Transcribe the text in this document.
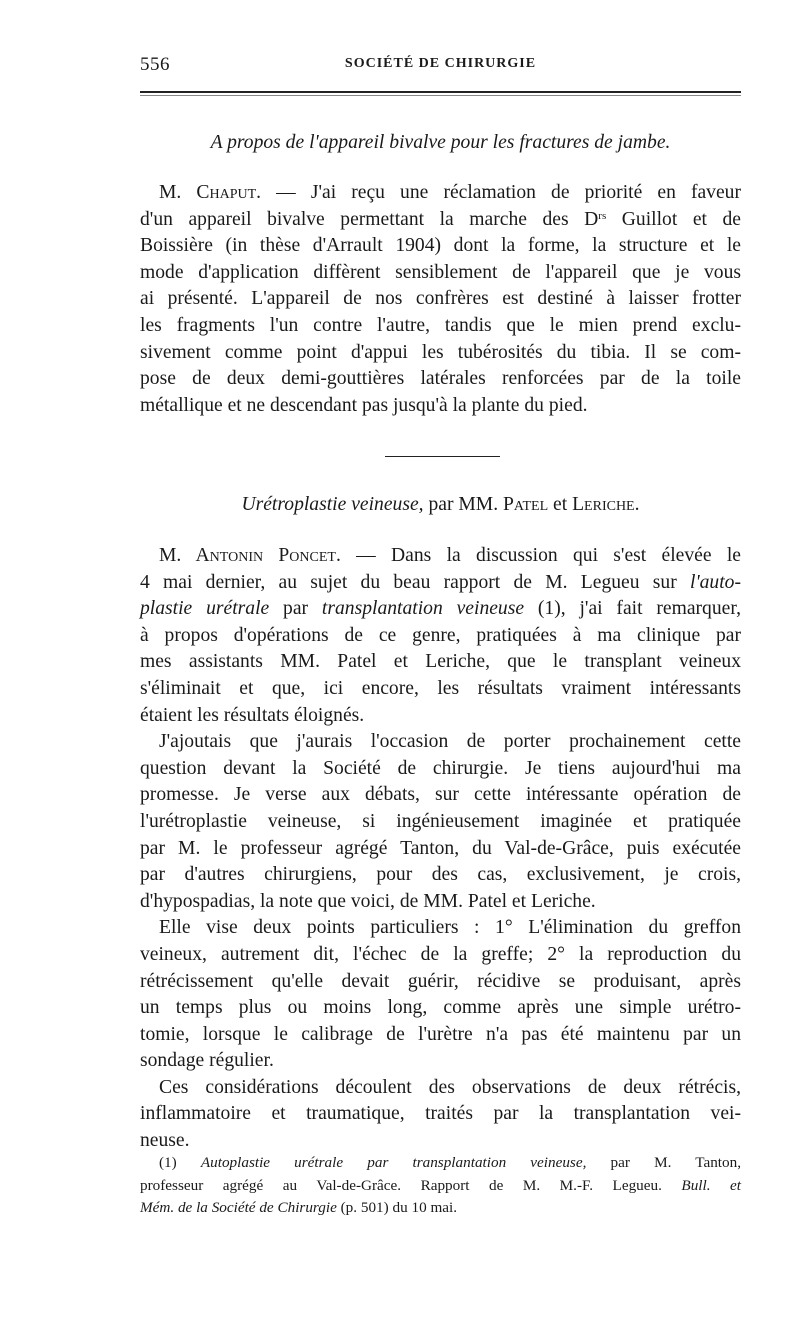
556	SOCIÉTÉ DE CHIRURGIE
A propos de l'appareil bivalve pour les fractures de jambe.
M. Chaput. — J'ai reçu une réclamation de priorité en faveur
d'un appareil bivalve permettant la marche des $D^{rs}$ Guillot et de
Boissière (in thèse d'Arrault 1904) dont la forme, la structure et le
mode d'application diffèrent sensiblement de l'appareil que je vous
ai présenté. L'appareil de nos confrères est destiné à laisser frotter
les fragments l'un contre l'autre, tandis que le mien prend exclu-
sivement comme point d'appui les tubérosités du tibia. Il se com-
pose de deux demi-gouttières latérales renforcées par de la toile
métallique et ne descendant pas jusqu'à la plante du pied.
Urétroplastie veineuse, par MM. Patel et Leriche.
M. Antonin Poncet. — Dans la discussion qui s'est élevée le
4 mai dernier, au sujet du beau rapport de M. Legueu sur l'auto-
plastie urétrale par transplantation veineuse (1), j'ai fait remarquer,
à propos d'opérations de ce genre, pratiquées à ma clinique par
mes assistants MM. Patel et Leriche, que le transplant veineux
s'éliminait et que, ici encore, les résultats vraiment intéressants
étaient les résultats éloignés.
J'ajoutais que j'aurais l'occasion de porter prochainement cette
question devant la Société de chirurgie. Je tiens aujourd'hui ma
promesse. Je verse aux débats, sur cette intéressante opération de
l'urétroplastie veineuse, si ingénieusement imaginée et pratiquée
par M. le professeur agrégé Tanton, du Val-de-Grâce, puis exécutée
par d'autres chirurgiens, pour des cas, exclusivement, je crois,
d'hypospadias, la note que voici, de MM. Patel et Leriche.
Elle vise deux points particuliers : 1° L'élimination du greffon
veineux, autrement dit, l'échec de la greffe; 2° la reproduction du
rétrécissement qu'elle devait guérir, récidive se produisant, après
un temps plus ou moins long, comme après une simple urétro-
tomie, lorsque le calibrage de l'urètre n'a pas été maintenu par un
sondage régulier.
Ces considérations découlent des observations de deux rétrécis,
inflammatoire et traumatique, traités par la transplantation vei-
neuse.
(1) Autoplastie urétrale par transplantation veineuse, par M. Tanton,
professeur agrégé au Val-de-Grâce. Rapport de M. M.-F. Legueu. Bull. et
Mém. de la Société de Chirurgie (p. 501) du 10 mai.
